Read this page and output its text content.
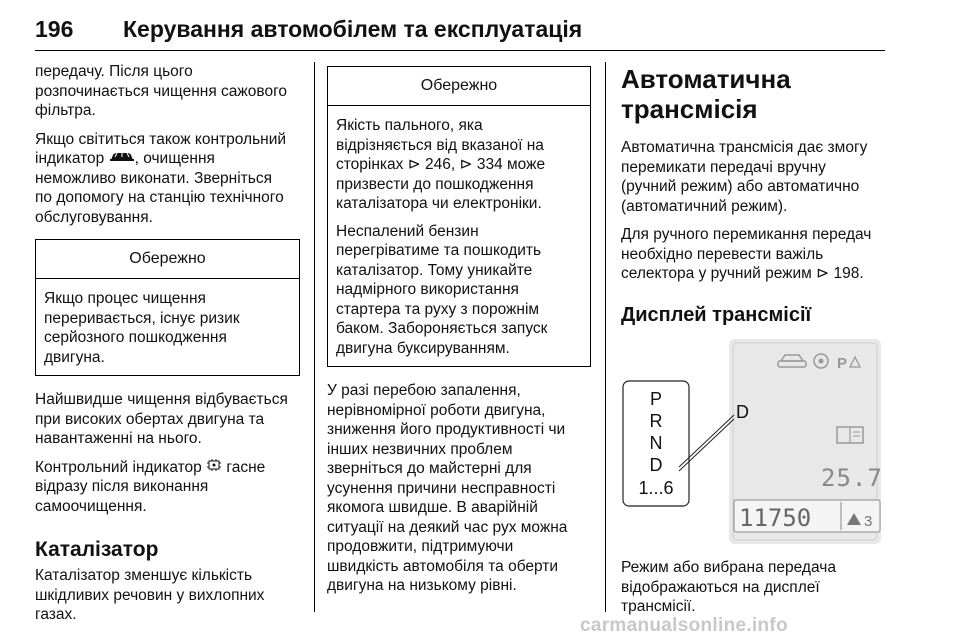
196 Керування автомобілем та експлуатація

передачу. Після цього
розпочинається чищення сажового
фільтра.

Якщо світиться також контрольний
індикатор , очищення
неможливо виконати. Зверніться
по допомогу на станцію технічного
обслуговування.

Обережно

Якщо процес чищення
переривається, існує ризик
серйозного пошкодження
двигуна.

Найшвидше чищення відбувається
при високих обертах двигуна та
навантаженні на нього.

Контрольний індикатор  гасне
відразу після виконання
самоочищення.

Каталізатор

Каталізатор зменшує кількість
шкідливих речовин у вихлопних
газах.

Обережно

Якість пального, яка
відрізняється від вказаної на
сторінках ⊳ 246, ⊳ 334 може
призвести до пошкодження
каталізатора чи електроніки.

Неспалений бензин
перегріватиме та пошкодить
каталізатор. Тому уникайте
надмірного використання
стартера та руху з порожнім
баком. Забороняється запуск
двигуна буксируванням.

У разі перебою запалення,
нерівномірної роботи двигуна,
зниження його продуктивності чи
інших незвичних проблем
зверніться до майстерні для
усунення причини несправності
якомога швидше. В аварійній
ситуації на деякий час рух можна
продовжити, підтримуючи
швидкість автомобіля та оберти
двигуна на низькому рівні.

Автоматична
трансмісія

Автоматична трансмісія дає змогу
перемикати передачі вручну
(ручний режим) або автоматично
(автоматичний режим).

Для ручного перемикання передач
необхідно перевести важіль
селектора у ручний режим ⊳ 198.

Дисплей трансмісії
P
R
N
D
1...6
P
D
25.7
11750	3

Режим або вибрана передача
відображаються на дисплеї
трансмісії.

carmanualsonline.info
